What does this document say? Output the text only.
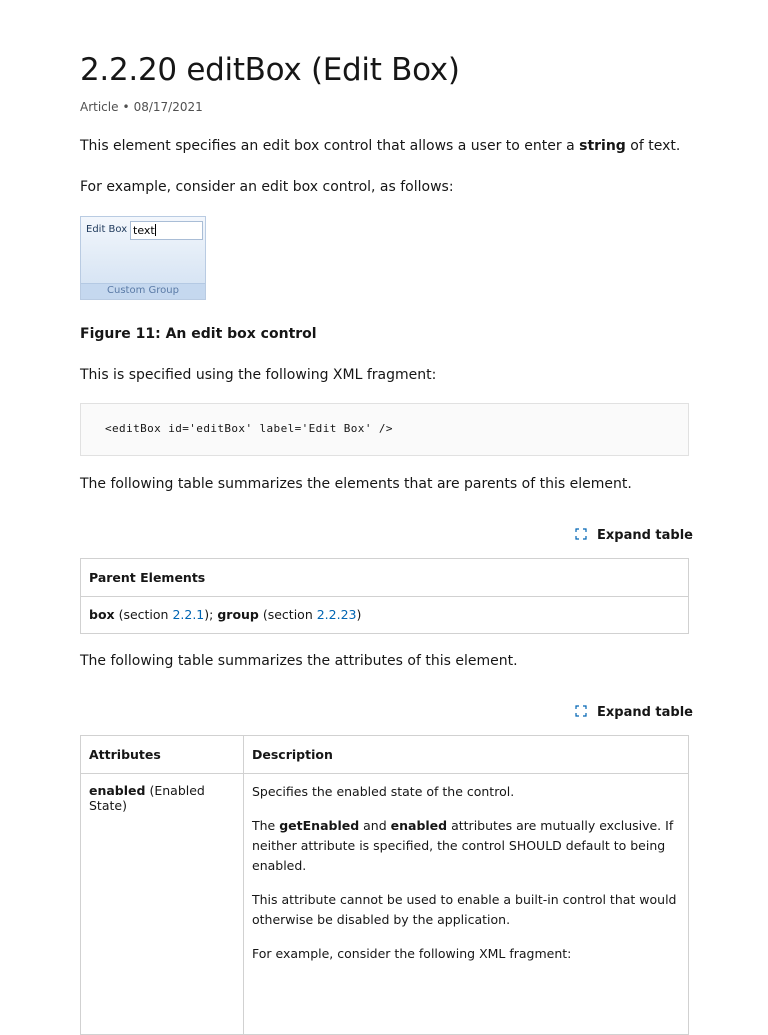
2.2.20 editBox (Edit Box)
Article • 08/17/2021
This element specifies an edit box control that allows a user to enter a string of text.
For example, consider an edit box control, as follows:
Edit Box text
Custom Group
Figure 11: An edit box control
This is specified using the following XML fragment:
<editBox id='editBox' label='Edit Box' />
The following table summarizes the elements that are parents of this element.
Expand table
Parent Elements
box (section 2.2.1); group (section 2.2.23)
The following table summarizes the attributes of this element.
Expand table
Attributes	Description
enabled (Enabled State)	Specifies the enabled state of the control.

The getEnabled and enabled attributes are mutually exclusive. If neither attribute is specified, the control SHOULD default to being enabled.

This attribute cannot be used to enable a built-in control that would otherwise be disabled by the application.

For example, consider the following XML fragment:
